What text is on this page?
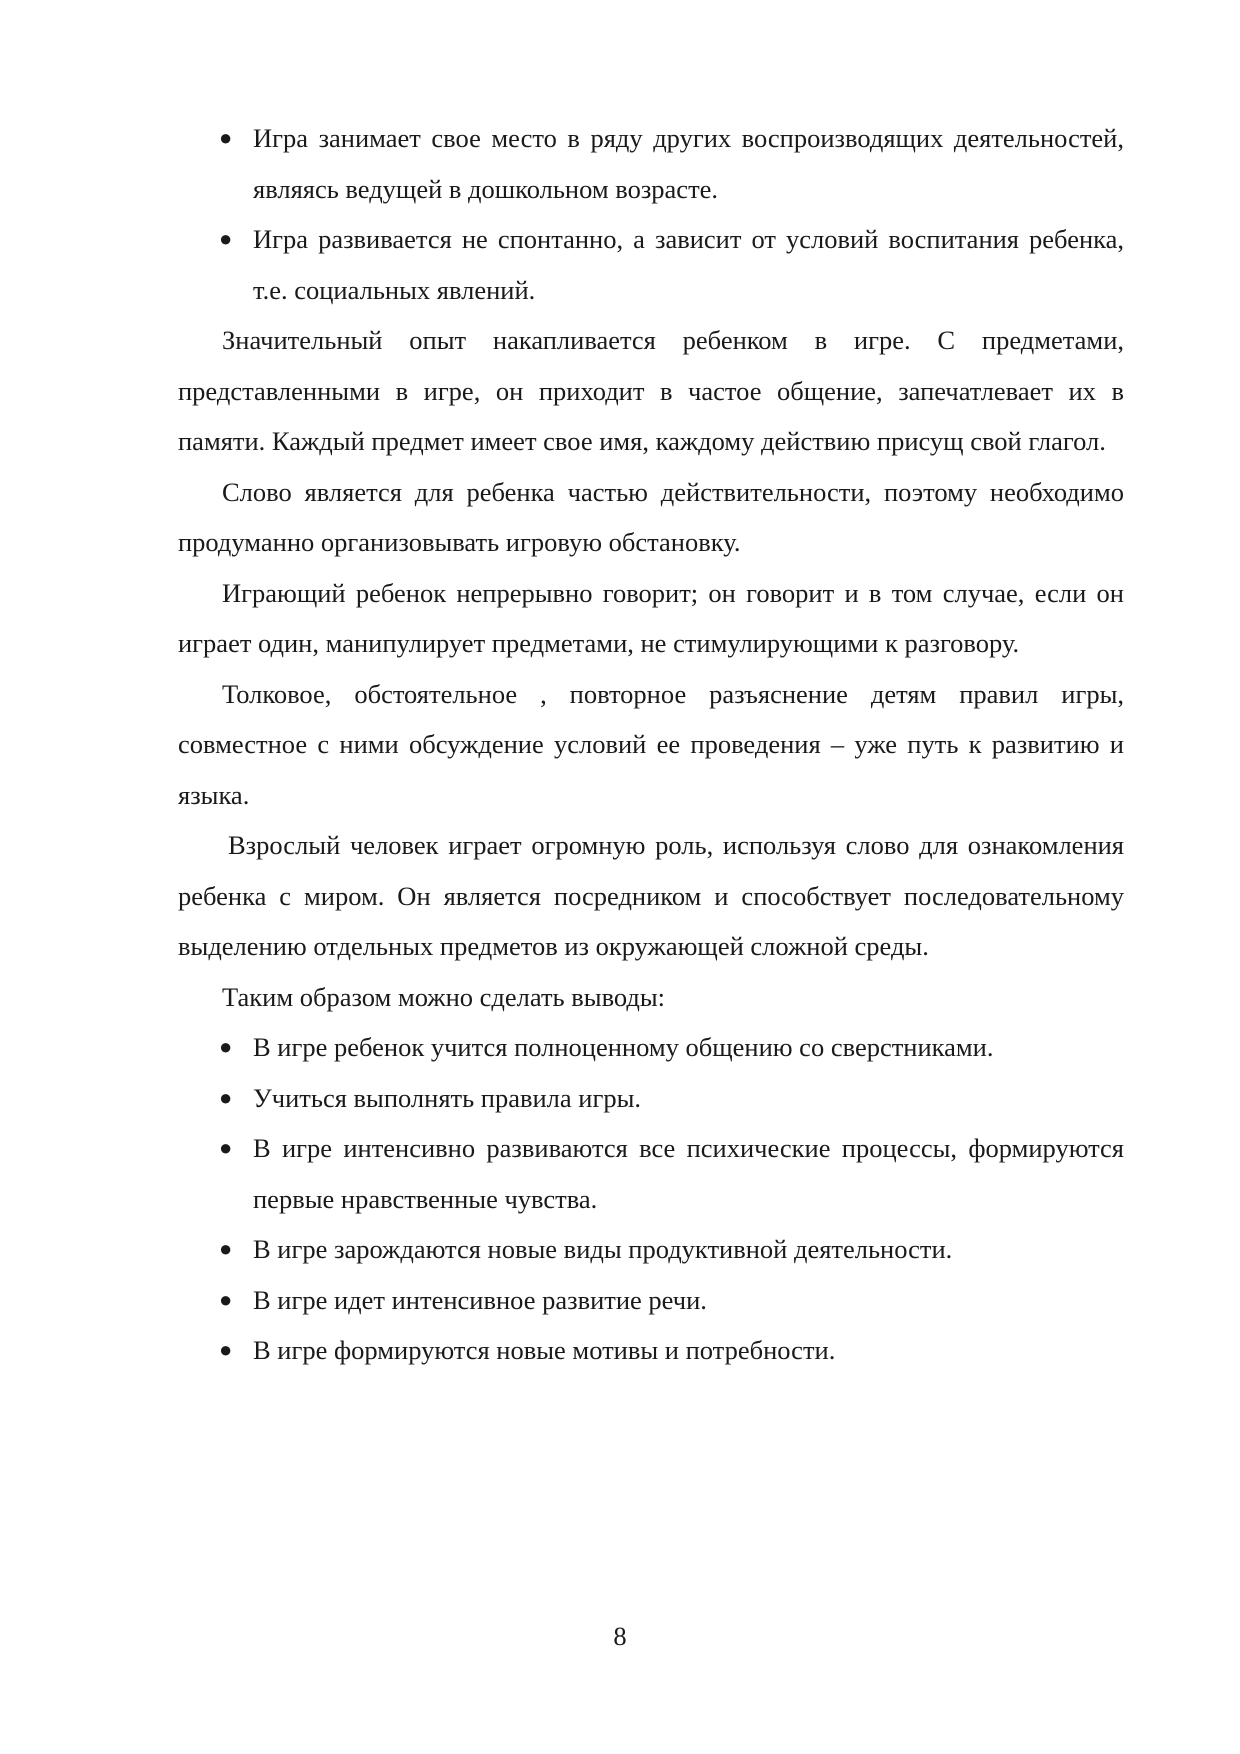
● Игра занимает свое место в ряду других воспроизводящих деятельностей, являясь ведущей в дошкольном возрасте.
● Игра развивается не спонтанно, а зависит от условий воспитания ребенка, т.е. социальных явлений.

Значительный опыт накапливается ребенком в игре. С предметами, представленными в игре, он приходит в частое общение, запечатлевает их в памяти. Каждый предмет имеет свое имя, каждому действию присущ свой глагол.

Слово является для ребенка частью действительности, поэтому необходимо продуманно организовывать игровую обстановку.

Играющий ребенок непрерывно говорит; он говорит и в том случае, если он играет один, манипулирует предметами, не стимулирующими к разговору.

Толковое, обстоятельное , повторное разъяснение детям правил игры, совместное с ними обсуждение условий ее проведения – уже путь к развитию и языка.

Взрослый человек играет огромную роль, используя слово для ознакомления ребенка с миром. Он является посредником и способствует последовательному выделению отдельных предметов из окружающей сложной среды.

Таким образом можно сделать выводы:

● В игре ребенок учится полноценному общению со сверстниками.
● Учиться выполнять правила игры.
● В игре интенсивно развиваются все психические процессы, формируются первые нравственные чувства.
● В игре зарождаются новые виды продуктивной деятельности.
● В игре идет интенсивное развитие речи.
● В игре формируются новые мотивы и потребности.
8
